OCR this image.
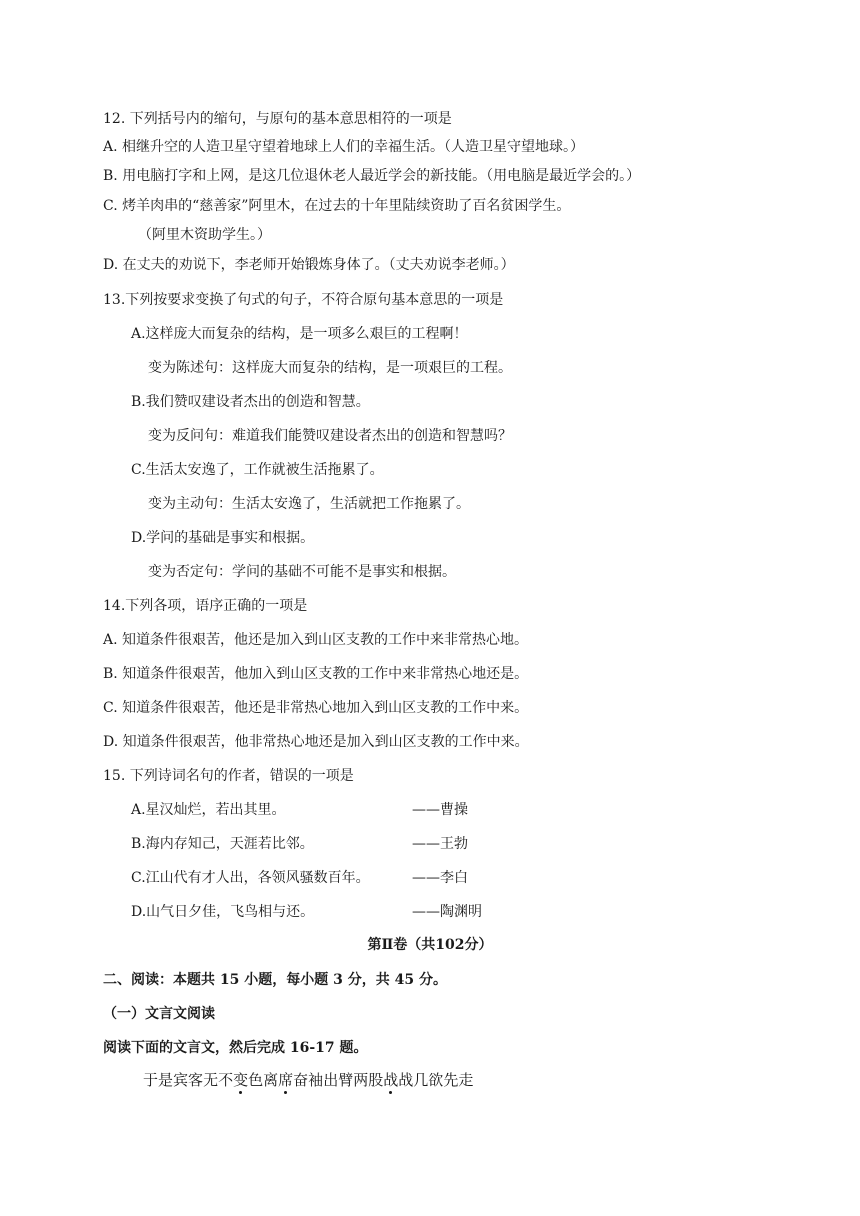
12. 下列括号内的缩句，与原句的基本意思相符的一项是
A. 相继升空的人造卫星守望着地球上人们的幸福生活。（人造卫星守望地球。）
B. 用电脑打字和上网，是这几位退休老人最近学会的新技能。（用电脑是最近学会的。）
C. 烤羊肉串的“慈善家”阿里木，在过去的十年里陆续资助了百名贫困学生。
（阿里木资助学生。）
D. 在丈夫的劝说下，李老师开始锻炼身体了。（丈夫劝说李老师。）
13.下列按要求变换了句式的句子，不符合原句基本意思的一项是
A.这样庞大而复杂的结构，是一项多么艰巨的工程啊！
变为陈述句：这样庞大而复杂的结构，是一项艰巨的工程。
B.我们赞叹建设者杰出的创造和智慧。
变为反问句：难道我们能赞叹建设者杰出的创造和智慧吗？
C.生活太安逸了，工作就被生活拖累了。
变为主动句：生活太安逸了，生活就把工作拖累了。
D.学问的基础是事实和根据。
变为否定句：学问的基础不可能不是事实和根据。
14.下列各项，语序正确的一项是
A. 知道条件很艰苦，他还是加入到山区支教的工作中来非常热心地。
B. 知道条件很艰苦，他加入到山区支教的工作中来非常热心地还是。
C. 知道条件很艰苦，他还是非常热心地加入到山区支教的工作中来。
D. 知道条件很艰苦，他非常热心地还是加入到山区支教的工作中来。
15. 下列诗词名句的作者，错误的一项是
A.星汉灿烂，若出其里。	——曹操
B.海内存知己，天涯若比邻。	——王勃
C.江山代有才人出，各领风骚数百年。	——李白
D.山气日夕佳，飞鸟相与还。	——陶渊明
第Ⅱ卷（共102分）
二、阅读：本题共 15 小题，每小题 3 分，共 45 分。
（一）文言文阅读
阅读下面的文言文，然后完成 16-17 题。
于是宾客无不变色离席奋袖出臂两股战战几欲先走
